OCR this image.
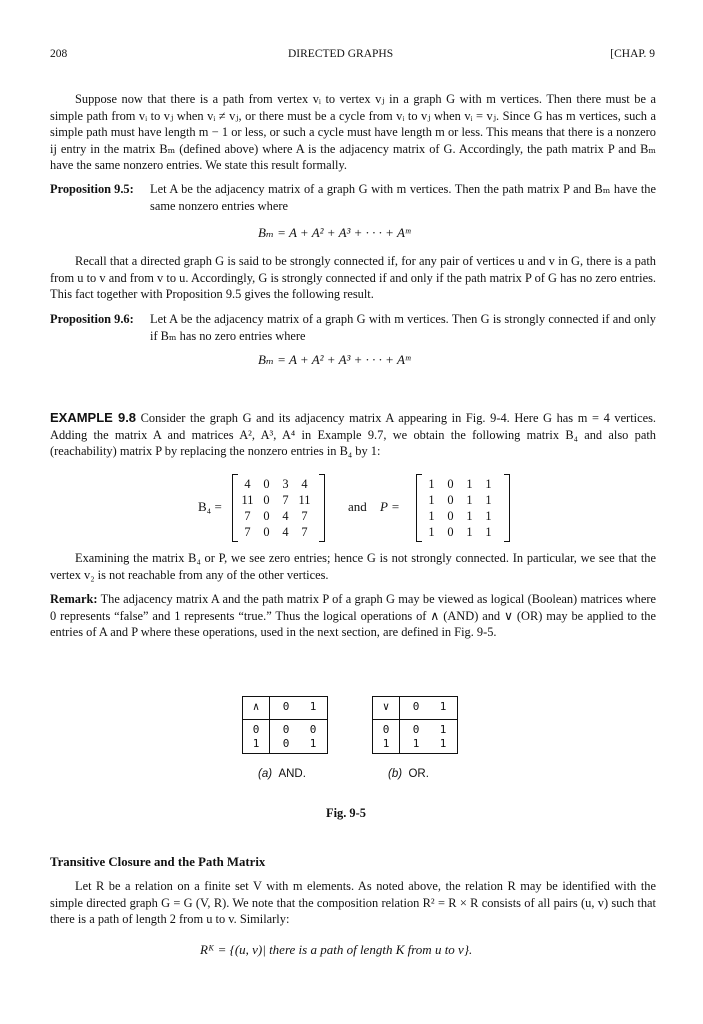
208	DIRECTED GRAPHS	[CHAP. 9

Suppose now that there is a path from vertex vᵢ to vertex vⱼ in a graph G with m vertices. Then there must be a simple path from vᵢ to vⱼ when vᵢ ≠ vⱼ, or there must be a cycle from vᵢ to vⱼ when vᵢ = vⱼ. Since G has m vertices, such a simple path must have length m − 1 or less, or such a cycle must have length m or less. This means that there is a nonzero ij entry in the matrix Bₘ (defined above) where A is the adjacency matrix of G. Accordingly, the path matrix P and Bₘ have the same nonzero entries. We state this result formally.

Proposition 9.5: Let A be the adjacency matrix of a graph G with m vertices. Then the path matrix P and Bₘ have the same nonzero entries where
Bₘ = A + A² + A³ + · · · + Aᵐ

Recall that a directed graph G is said to be strongly connected if, for any pair of vertices u and v in G, there is a path from u to v and from v to u. Accordingly, G is strongly connected if and only if the path matrix P of G has no zero entries. This fact together with Proposition 9.5 gives the following result.

Proposition 9.6: Let A be the adjacency matrix of a graph G with m vertices. Then G is strongly connected if and only if Bₘ has no zero entries where
Bₘ = A + A² + A³ + · · · + Aᵐ
EXAMPLE 9.8 Consider the graph G and its adjacency matrix A appearing in Fig. 9-4. Here G has m = 4 vertices. Adding the matrix A and matrices A², A³, A⁴ in Example 9.7, we obtain the following matrix B₄ and also path (reachability) matrix P by replacing the nonzero entries in B₄ by 1:
B₄ =
4	0	3	4
11	0	7	11
7	0	4	7
7	0	4	7
and P =
1	0	1	1
1	0	1	1
1	0	1	1
1	0	1	1

Examining the matrix B₄ or P, we see zero entries; hence G is not strongly connected. In particular, we see that the vertex v₂ is not reachable from any of the other vertices.

Remark: The adjacency matrix A and the path matrix P of a graph G may be viewed as logical (Boolean) matrices where 0 represents “false” and 1 represents “true.” Thus the logical operations of ∧ (AND) and ∨ (OR) may be applied to the entries of A and P where these operations, used in the next section, are defined in Fig. 9-5.
∧	0	1
0	0	0
1	0	1
(a) AND.
∨	0	1
0	0	1
1	1	1
(b) OR.
Fig. 9-5
Transitive Closure and the Path Matrix

Let R be a relation on a finite set V with m elements. As noted above, the relation R may be identified with the simple directed graph G = G (V, R). We note that the composition relation R² = R × R consists of all pairs (u, v) such that there is a path of length 2 from u to v. Similarly:

Rᴷ = {(u, v)| there is a path of length K from u to v}.
